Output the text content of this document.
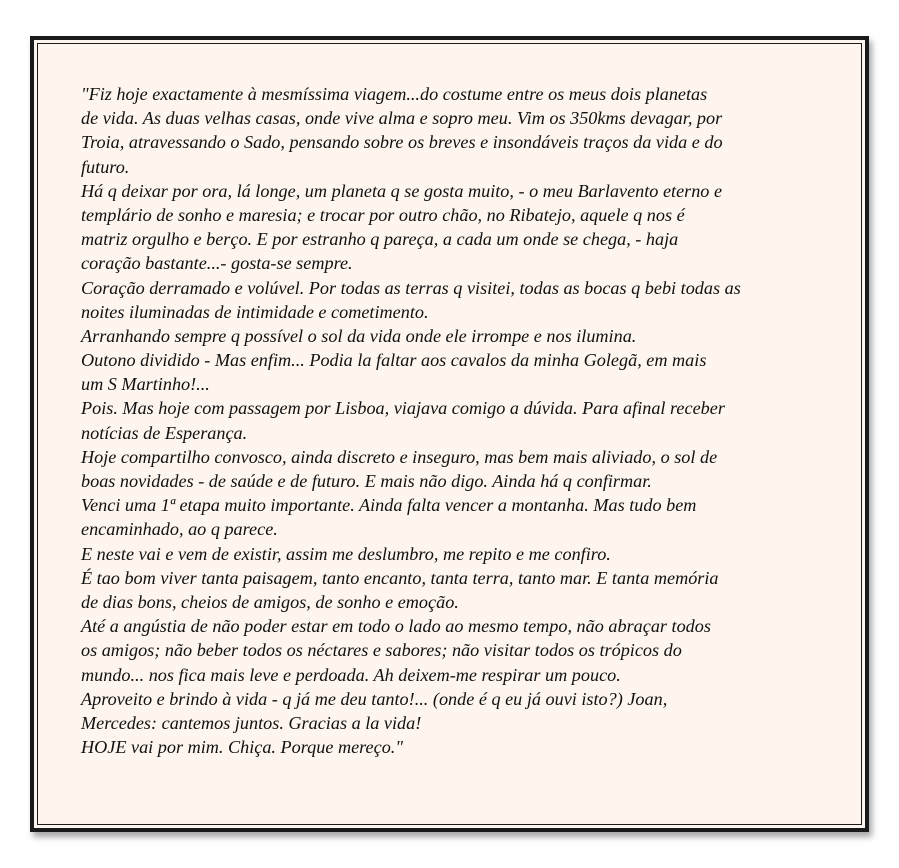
"Fiz hoje exactamente à mesmíssima viagem...do costume entre os meus dois planetas
de vida. As duas velhas casas, onde vive alma e sopro meu. Vim os 350kms devagar, por
Troia, atravessando o Sado, pensando sobre os breves e insondáveis traços da vida e do
futuro.
Há q deixar por ora, lá longe, um planeta q se gosta muito, - o meu Barlavento eterno e
templário de sonho e maresia; e trocar por outro chão, no Ribatejo, aquele q nos é
matriz orgulho e berço. E por estranho q pareça, a cada um onde se chega, - haja
coração bastante...- gosta-se sempre.
Coração derramado e volúvel. Por todas as terras q visitei, todas as bocas q bebi todas as
noites iluminadas de intimidade e cometimento.
Arranhando sempre q possível o sol da vida onde ele irrompe e nos ilumina.
Outono dividido - Mas enfim... Podia la faltar aos cavalos da minha Golegã, em mais
um S Martinho!...
Pois. Mas hoje com passagem por Lisboa, viajava comigo a dúvida. Para afinal receber
notícias de Esperança.
Hoje compartilho convosco, ainda discreto e inseguro, mas bem mais aliviado, o sol de
boas novidades - de saúde e de futuro. E mais não digo. Ainda há q confirmar.
Venci uma 1ª etapa muito importante. Ainda falta vencer a montanha. Mas tudo bem
encaminhado, ao q parece.
E neste vai e vem de existir, assim me deslumbro, me repito e me confiro.
É tao bom viver tanta paisagem, tanto encanto, tanta terra, tanto mar. E tanta memória
de dias bons, cheios de amigos, de sonho e emoção.
Até a angústia de não poder estar em todo o lado ao mesmo tempo, não abraçar todos
os amigos; não beber todos os néctares e sabores; não visitar todos os trópicos do
mundo... nos fica mais leve e perdoada. Ah deixem-me respirar um pouco.
Aproveito e brindo à vida - q já me deu tanto!... (onde é q eu já ouvi isto?) Joan,
Mercedes: cantemos juntos. Gracias a la vida!
HOJE vai por mim. Chiça. Porque mereço."
